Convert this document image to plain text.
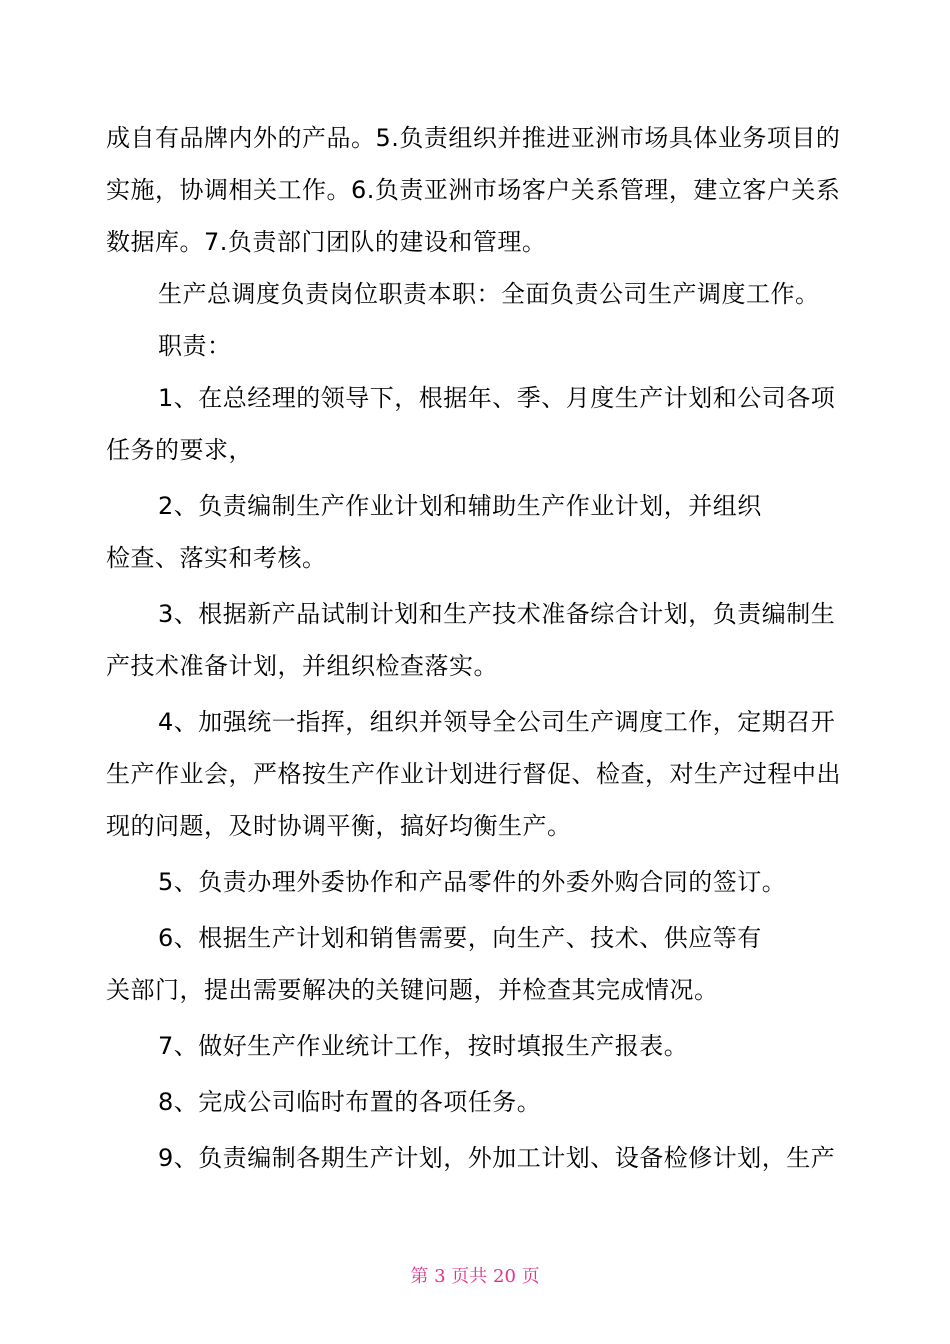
成自有品牌内外的产品。5.负责组织并推进亚洲市场具体业务项目的实施，协调相关工作。6.负责亚洲市场客户关系管理，建立客户关系数据库。7.负责部门团队的建设和管理。

生产总调度负责岗位职责本职：全面负责公司生产调度工作。

职责：

1、在总经理的领导下，根据年、季、月度生产计划和公司各项任务的要求，

2、负责编制生产作业计划和辅助生产作业计划，并组织

检查、落实和考核。

3、根据新产品试制计划和生产技术准备综合计划，负责编制生产技术准备计划，并组织检查落实。

4、加强统一指挥，组织并领导全公司生产调度工作，定期召开生产作业会，严格按生产作业计划进行督促、检查，对生产过程中出现的问题，及时协调平衡，搞好均衡生产。

5、负责办理外委协作和产品零件的外委外购合同的签订。

6、根据生产计划和销售需要，向生产、技术、供应等有

关部门，提出需要解决的关键问题，并检查其完成情况。

7、做好生产作业统计工作，按时填报生产报表。

8、完成公司临时布置的各项任务。

9、负责编制各期生产计划，外加工计划、设备检修计划，生产

第 3 页共 20 页
